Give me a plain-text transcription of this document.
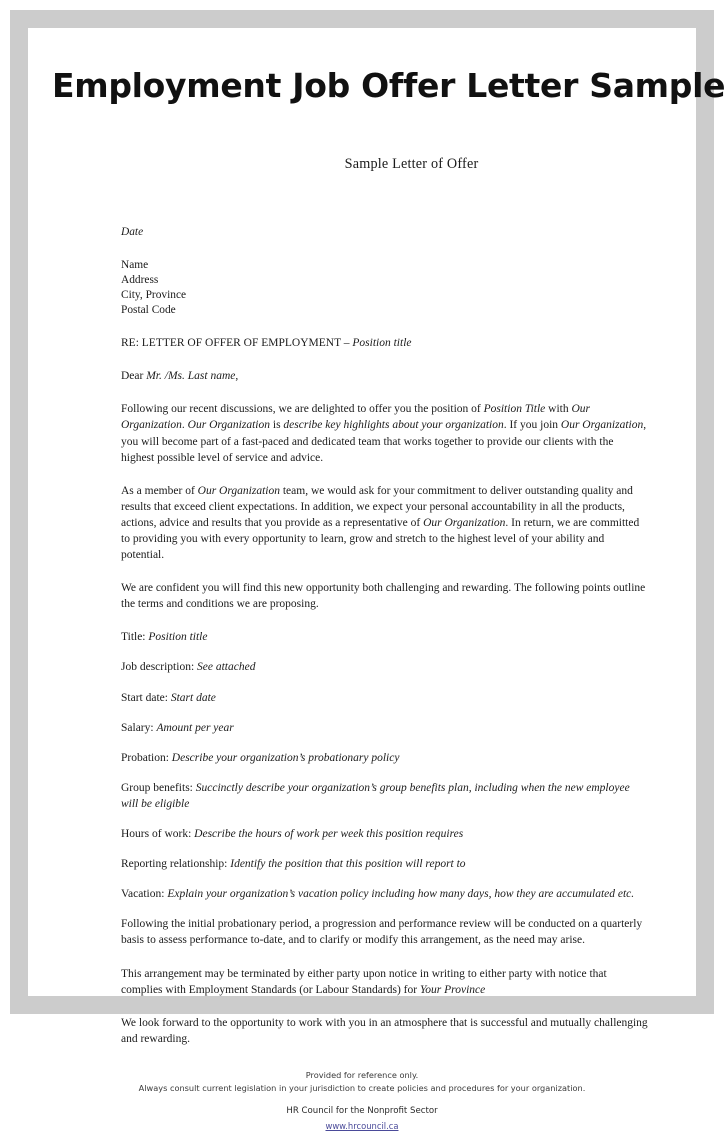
Employment Job Offer Letter Sample
Sample Letter of Offer
Date
Name
Address
City, Province
Postal Code
RE: LETTER OF OFFER OF EMPLOYMENT – Position title
Dear Mr. /Ms. Last name,

Following our recent discussions, we are delighted to offer you the position of Position Title with Our Organization. Our Organization is describe key highlights about your organization. If you join Our Organization, you will become part of a fast-paced and dedicated team that works together to provide our clients with the highest possible level of service and advice.

As a member of Our Organization team, we would ask for your commitment to deliver outstanding quality and results that exceed client expectations. In addition, we expect your personal accountability in all the products, actions, advice and results that you provide as a representative of Our Organization. In return, we are committed to providing you with every opportunity to learn, grow and stretch to the highest level of your ability and potential.

We are confident you will find this new opportunity both challenging and rewarding. The following points outline the terms and conditions we are proposing.

Title: Position title
Job description: See attached
Start date: Start date
Salary: Amount per year
Probation: Describe your organization’s probationary policy
Group benefits: Succinctly describe your organization’s group benefits plan, including when the new employee will be eligible
Hours of work: Describe the hours of work per week this position requires
Reporting relationship: Identify the position that this position will report to
Vacation: Explain your organization’s vacation policy including how many days, how they are accumulated etc.

Following the initial probationary period, a progression and performance review will be conducted on a quarterly basis to assess performance to-date, and to clarify or modify this arrangement, as the need may arise.

This arrangement may be terminated by either party upon notice in writing to either party with notice that complies with Employment Standards (or Labour Standards) for Your Province

We look forward to the opportunity to work with you in an atmosphere that is successful and mutually challenging and rewarding.

Provided for reference only.
Always consult current legislation in your jurisdiction to create policies and procedures for your organization.
HR Council for the Nonprofit Sector
www.hrcouncil.ca
